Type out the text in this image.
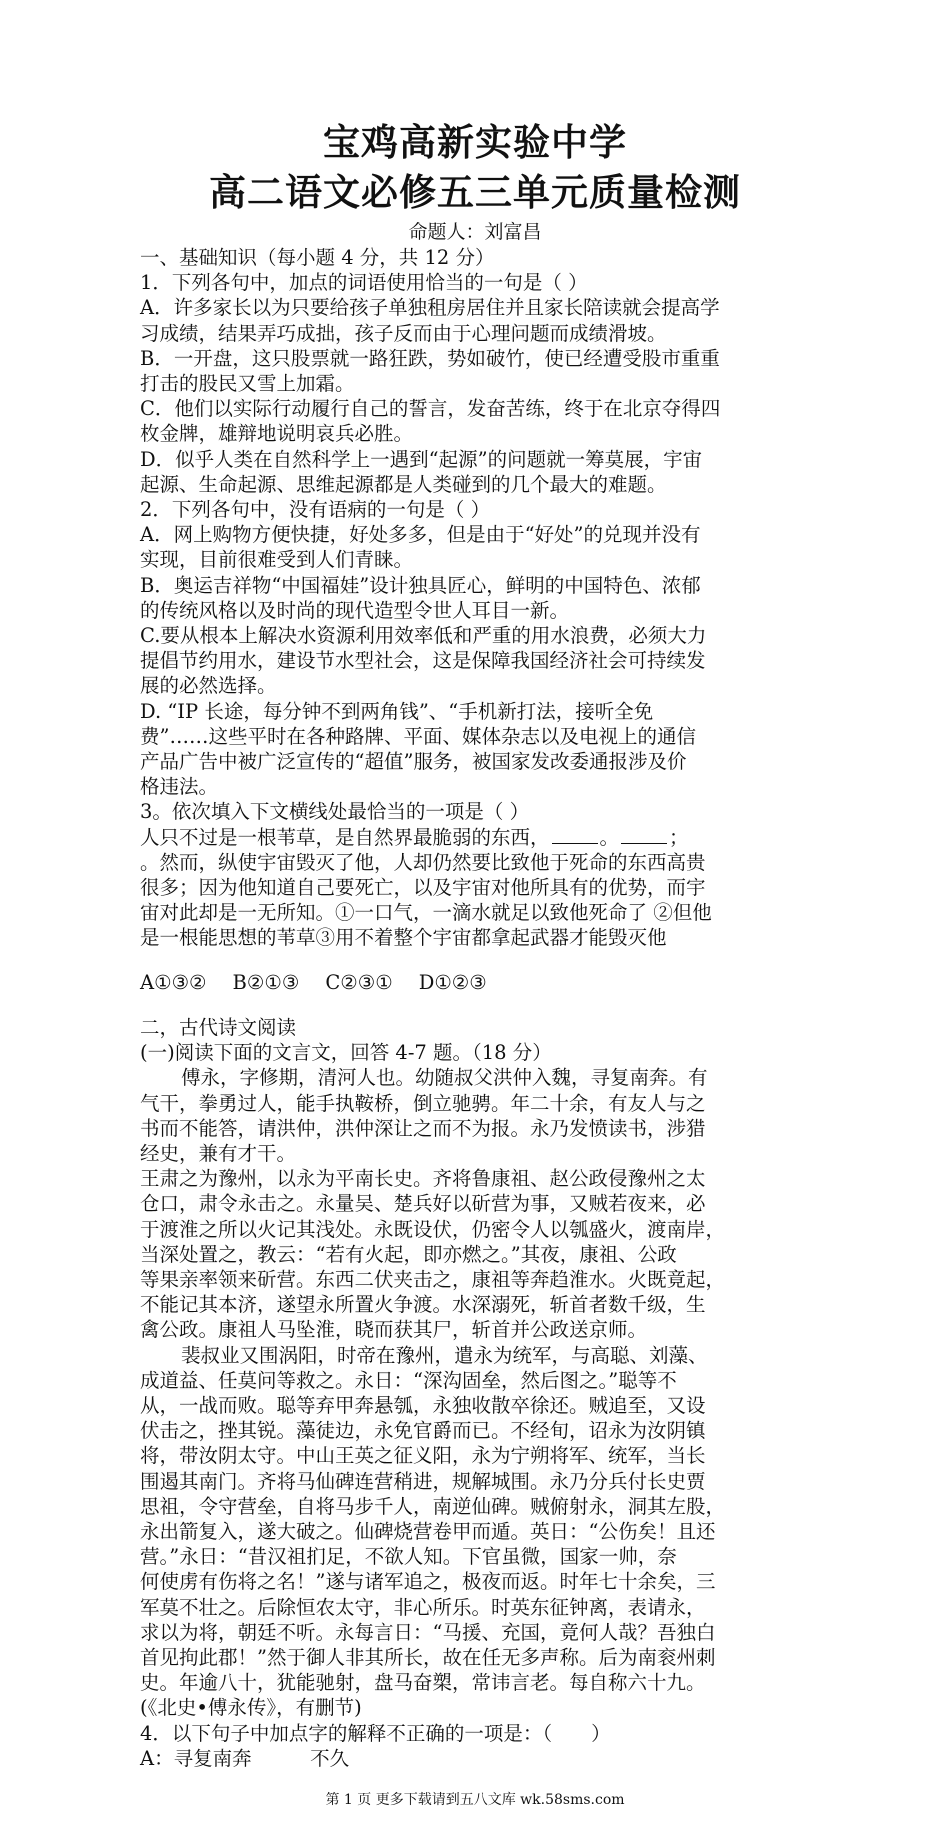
宝鸡高新实验中学
高二语文必修五三单元质量检测

命题人：刘富昌

一、基础知识（每小题 4 分，共 12 分）

1．下列各句中，加点的词语使用恰当的一句是（ ）

A．许多家长以为只要给孩子单独租房居住并且家长陪读就会提高学

习成绩，结果弄巧成拙，孩子反而由于心理问题而成绩滑坡。

B．一开盘，这只股票就一路狂跌，势如破竹，使已经遭受股市重重

打击的股民又雪上加霜。

C．他们以实际行动履行自己的誓言，发奋苦练，终于在北京夺得四

枚金牌，雄辩地说明哀兵必胜。

D．似乎人类在自然科学上一遇到“起源”的问题就一筹莫展，宇宙

起源、生命起源、思维起源都是人类碰到的几个最大的难题。

2．下列各句中，没有语病的一句是（ ）

A．网上购物方便快捷，好处多多，但是由于“好处”的兑现并没有

实现，目前很难受到人们青睐。

B．奥运吉祥物“中国福娃”设计独具匠心，鲜明的中国特色、浓郁

的传统风格以及时尚的现代造型令世人耳目一新。

C.要从根本上解决水资源利用效率低和严重的用水浪费，必须大力

提倡节约用水，建设节水型社会，这是保障我国经济社会可持续发

展的必然选择。

D. “IP 长途，每分钟不到两角钱”、“手机新打法，接听全免

费”……这些平时在各种路牌、平面、媒体杂志以及电视上的通信

产品广告中被广泛宣传的“超值”服务，被国家发改委通报涉及价

格违法。

3。依次填入下文横线处最恰当的一项是（ ）

人只不过是一根苇草，是自然界最脆弱的东西，	。	；

。然而，纵使宇宙毁灭了他，人却仍然要比致他于死命的东西高贵

很多；因为他知道自己要死亡，以及宇宙对他所具有的优势，而宇

宙对此却是一无所知。①一口气，一滴水就足以致他死命了 ②但他

是一根能思想的苇草③用不着整个宇宙都拿起武器才能毁灭他

A①③② B②①③ C②③① D①②③

二，古代诗文阅读

(一)阅读下面的文言文，回答 4-7 题。（18 分）

傅永，字修期，清河人也。幼随叔父洪仲入魏，寻复南奔。有

气干，拳勇过人，能手执鞍桥，倒立驰骋。年二十余，有友人与之

书而不能答，请洪仲，洪仲深让之而不为报。永乃发愤读书，涉猎

经史，兼有才干。

王肃之为豫州，以永为平南长史。齐将鲁康祖、赵公政侵豫州之太

仓口，肃令永击之。永量吴、楚兵好以斫营为事，又贼若夜来，必

于渡淮之所以火记其浅处。永既设伏，仍密令人以瓠盛火，渡南岸，

当深处置之，教云：“若有火起，即亦燃之。”其夜，康祖、公政

等果亲率领来斫营。东西二伏夹击之，康祖等奔趋淮水。火既竟起，

不能记其本济，遂望永所置火争渡。水深溺死，斩首者数千级，生

禽公政。康祖人马坠淮，晓而获其尸，斩首并公政送京师。

裴叔业又围涡阳，时帝在豫州，遣永为统军，与高聪、刘藻、

成道益、任莫问等救之。永日：“深沟固垒，然后图之。”聪等不

从，一战而败。聪等弃甲奔悬瓠，永独收散卒徐还。贼追至，又设

伏击之，挫其锐。藻徒边，永免官爵而已。不经旬，诏永为汝阴镇

将，带汝阴太守。中山王英之征义阳，永为宁朔将军、统军，当长

围遏其南门。齐将马仙碑连营稍进，规解城围。永乃分兵付长史贾

思祖，令守营垒，自将马步千人，南逆仙碑。贼俯射永，洞其左股，

永出箭复入，遂大破之。仙碑烧营卷甲而遁。英日：“公伤矣！且还

营。”永日：“昔汉祖扪足，不欲人知。下官虽微，国家一帅，奈

何使虏有伤将之名！”遂与诸军追之，极夜而返。时年七十余矣，三

军莫不壮之。后除恒农太守，非心所乐。时英东征钟离，表请永，

求以为将，朝廷不听。永每言日：“马援、充国，竟何人哉？吾独白

首见拘此郡！”然于御人非其所长，故在任无多声称。后为南衮州刺

史。年逾八十，犹能驰射，盘马奋槊，常讳言老。每自称六十九。

(《北史•傅永传》，有删节)

4．以下句子中加点字的解释不正确的一项是：（　　）

A：寻复南奔　　　不久

第 1 页 更多下载请到五八文库 wk.58sms.com
